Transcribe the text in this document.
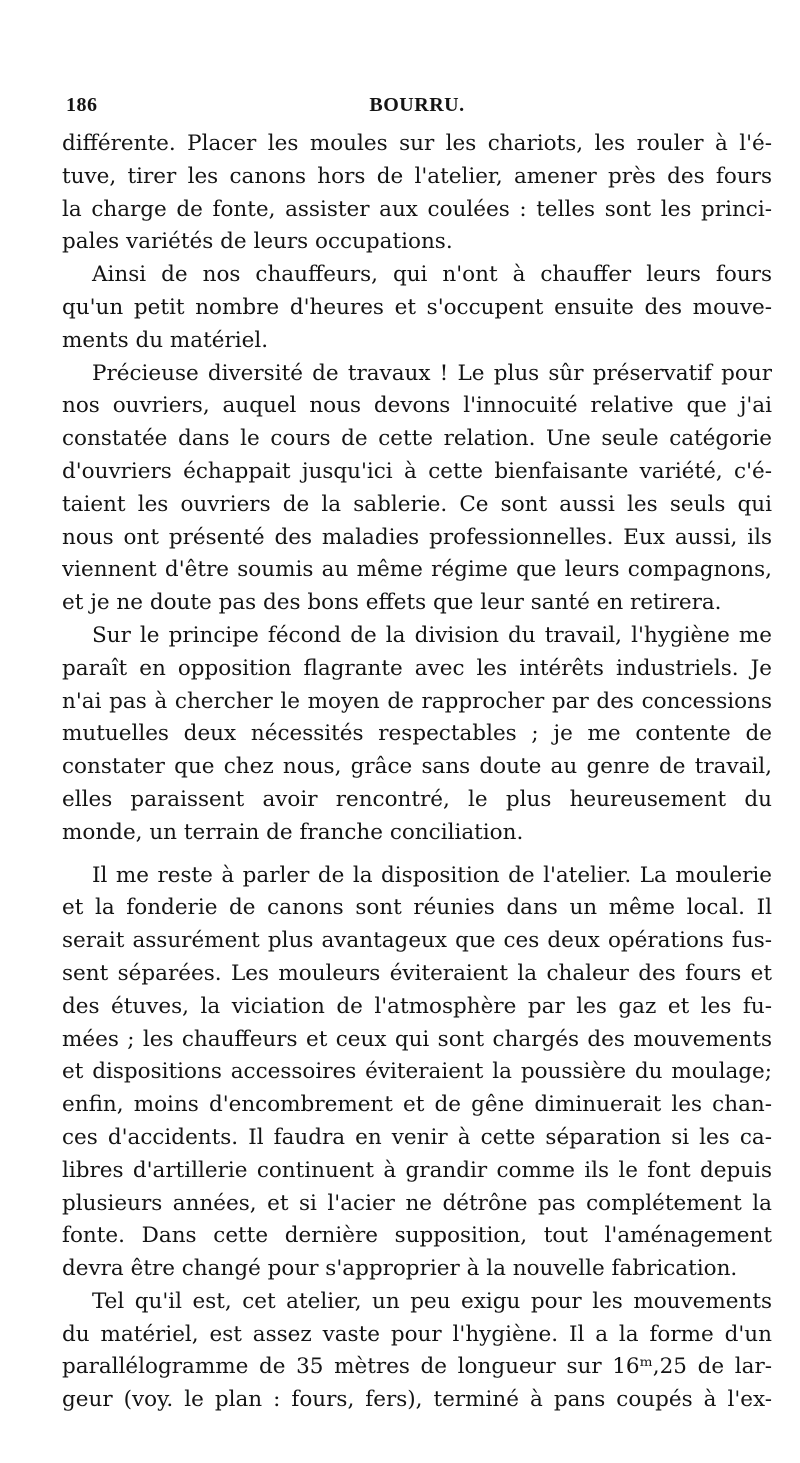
186	BOURRU.
différente. Placer les moules sur les chariots, les rouler à l'é-
tuve, tirer les canons hors de l'atelier, amener près des fours
la charge de fonte, assister aux coulées : telles sont les princi-
pales variétés de leurs occupations.
Ainsi de nos chauffeurs, qui n'ont à chauffer leurs fours
qu'un petit nombre d'heures et s'occupent ensuite des mouve-
ments du matériel.
Précieuse diversité de travaux ! Le plus sûr préservatif pour
nos ouvriers, auquel nous devons l'innocuité relative que j'ai
constatée dans le cours de cette relation. Une seule catégorie
d'ouvriers échappait jusqu'ici à cette bienfaisante variété, c'é-
taient les ouvriers de la sablerie. Ce sont aussi les seuls qui
nous ont présenté des maladies professionnelles. Eux aussi, ils
viennent d'être soumis au même régime que leurs compagnons,
et je ne doute pas des bons effets que leur santé en retirera.
Sur le principe fécond de la division du travail, l'hygiène me
paraît en opposition flagrante avec les intérêts industriels. Je
n'ai pas à chercher le moyen de rapprocher par des concessions
mutuelles deux nécessités respectables ; je me contente de
constater que chez nous, grâce sans doute au genre de travail,
elles paraissent avoir rencontré, le plus heureusement du
monde, un terrain de franche conciliation.
Il me reste à parler de la disposition de l'atelier. La moulerie
et la fonderie de canons sont réunies dans un même local. Il
serait assurément plus avantageux que ces deux opérations fus-
sent séparées. Les mouleurs éviteraient la chaleur des fours et
des étuves, la viciation de l'atmosphère par les gaz et les fu-
mées ; les chauffeurs et ceux qui sont chargés des mouvements
et dispositions accessoires éviteraient la poussière du moulage;
enfin, moins d'encombrement et de gêne diminuerait les chan-
ces d'accidents. Il faudra en venir à cette séparation si les ca-
libres d'artillerie continuent à grandir comme ils le font depuis
plusieurs années, et si l'acier ne détrône pas complétement la
fonte. Dans cette dernière supposition, tout l'aménagement
devra être changé pour s'approprier à la nouvelle fabrication.
Tel qu'il est, cet atelier, un peu exigu pour les mouvements
du matériel, est assez vaste pour l'hygiène. Il a la forme d'un
parallélogramme de 35 mètres de longueur sur 16ᵐ,25 de lar-
geur (voy. le plan : fours, fers), terminé à pans coupés à l'ex-
